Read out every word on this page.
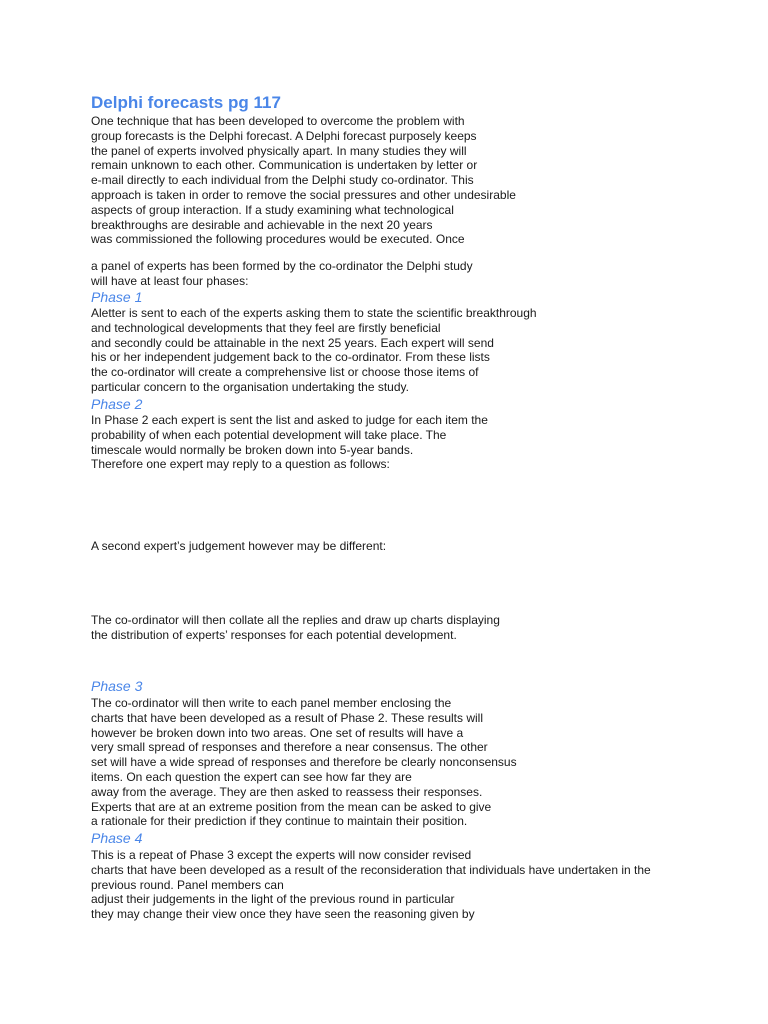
Delphi forecasts pg 117
One technique that has been developed to overcome the problem with
group forecasts is the Delphi forecast. A Delphi forecast purposely keeps
the panel of experts involved physically apart. In many studies they will
remain unknown to each other. Communication is undertaken by letter or
e-mail directly to each individual from the Delphi study co-ordinator. This
approach is taken in order to remove the social pressures and other undesirable
aspects of group interaction. If a study examining what technological
breakthroughs are desirable and achievable in the next 20 years
was commissioned the following procedures would be executed. Once
a panel of experts has been formed by the co-ordinator the Delphi study
will have at least four phases:
Phase 1
Aletter is sent to each of the experts asking them to state the scientific breakthrough
and technological developments that they feel are firstly beneficial
and secondly could be attainable in the next 25 years. Each expert will send
his or her independent judgement back to the co-ordinator. From these lists
the co-ordinator will create a comprehensive list or choose those items of
particular concern to the organisation undertaking the study.
Phase 2
In Phase 2 each expert is sent the list and asked to judge for each item the
probability of when each potential development will take place. The
timescale would normally be broken down into 5-year bands.
Therefore one expert may reply to a question as follows:
A second expert’s judgement however may be different:
The co-ordinator will then collate all the replies and draw up charts displaying
the distribution of experts’ responses for each potential development.
Phase 3
The co-ordinator will then write to each panel member enclosing the
charts that have been developed as a result of Phase 2. These results will
however be broken down into two areas. One set of results will have a
very small spread of responses and therefore a near consensus. The other
set will have a wide spread of responses and therefore be clearly nonconsensus
items. On each question the expert can see how far they are
away from the average. They are then asked to reassess their responses.
Experts that are at an extreme position from the mean can be asked to give
a rationale for their prediction if they continue to maintain their position.
Phase 4
This is a repeat of Phase 3 except the experts will now consider revised
charts that have been developed as a result of the reconsideration that individuals have undertaken in the
previous round. Panel members can
adjust their judgements in the light of the previous round in particular
they may change their view once they have seen the reasoning given by
